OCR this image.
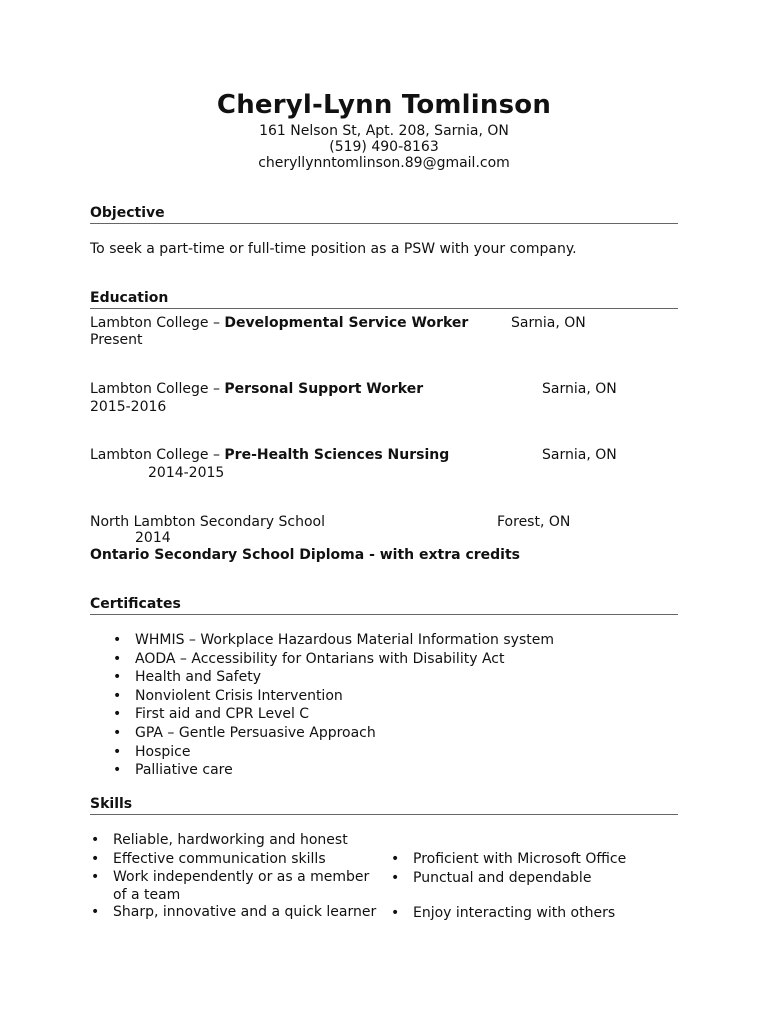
Cheryl-Lynn Tomlinson
161 Nelson St, Apt. 208, Sarnia, ON
(519) 490-8163
cheryllynntomlinson.89@gmail.com
Objective
To seek a part-time or full-time position as a PSW with your company.
Education
Lambton College – Developmental Service Worker	Sarnia, ON
Present
Lambton College – Personal Support Worker	Sarnia, ON
2015-2016
Lambton College – Pre-Health Sciences Nursing	Sarnia, ON
2014-2015
North Lambton Secondary School	Forest, ON
2014
Ontario Secondary School Diploma - with extra credits
Certificates
• WHMIS – Workplace Hazardous Material Information system
• AODA – Accessibility for Ontarians with Disability Act
• Health and Safety
• Nonviolent Crisis Intervention
• First aid and CPR Level C
• GPA – Gentle Persuasive Approach
• Hospice
• Palliative care
Skills
• Reliable, hardworking and honest
• Effective communication skills
• Work independently or as a member
of a team
• Sharp, innovative and a quick learner
• Proficient with Microsoft Office
• Punctual and dependable
• Enjoy interacting with others
